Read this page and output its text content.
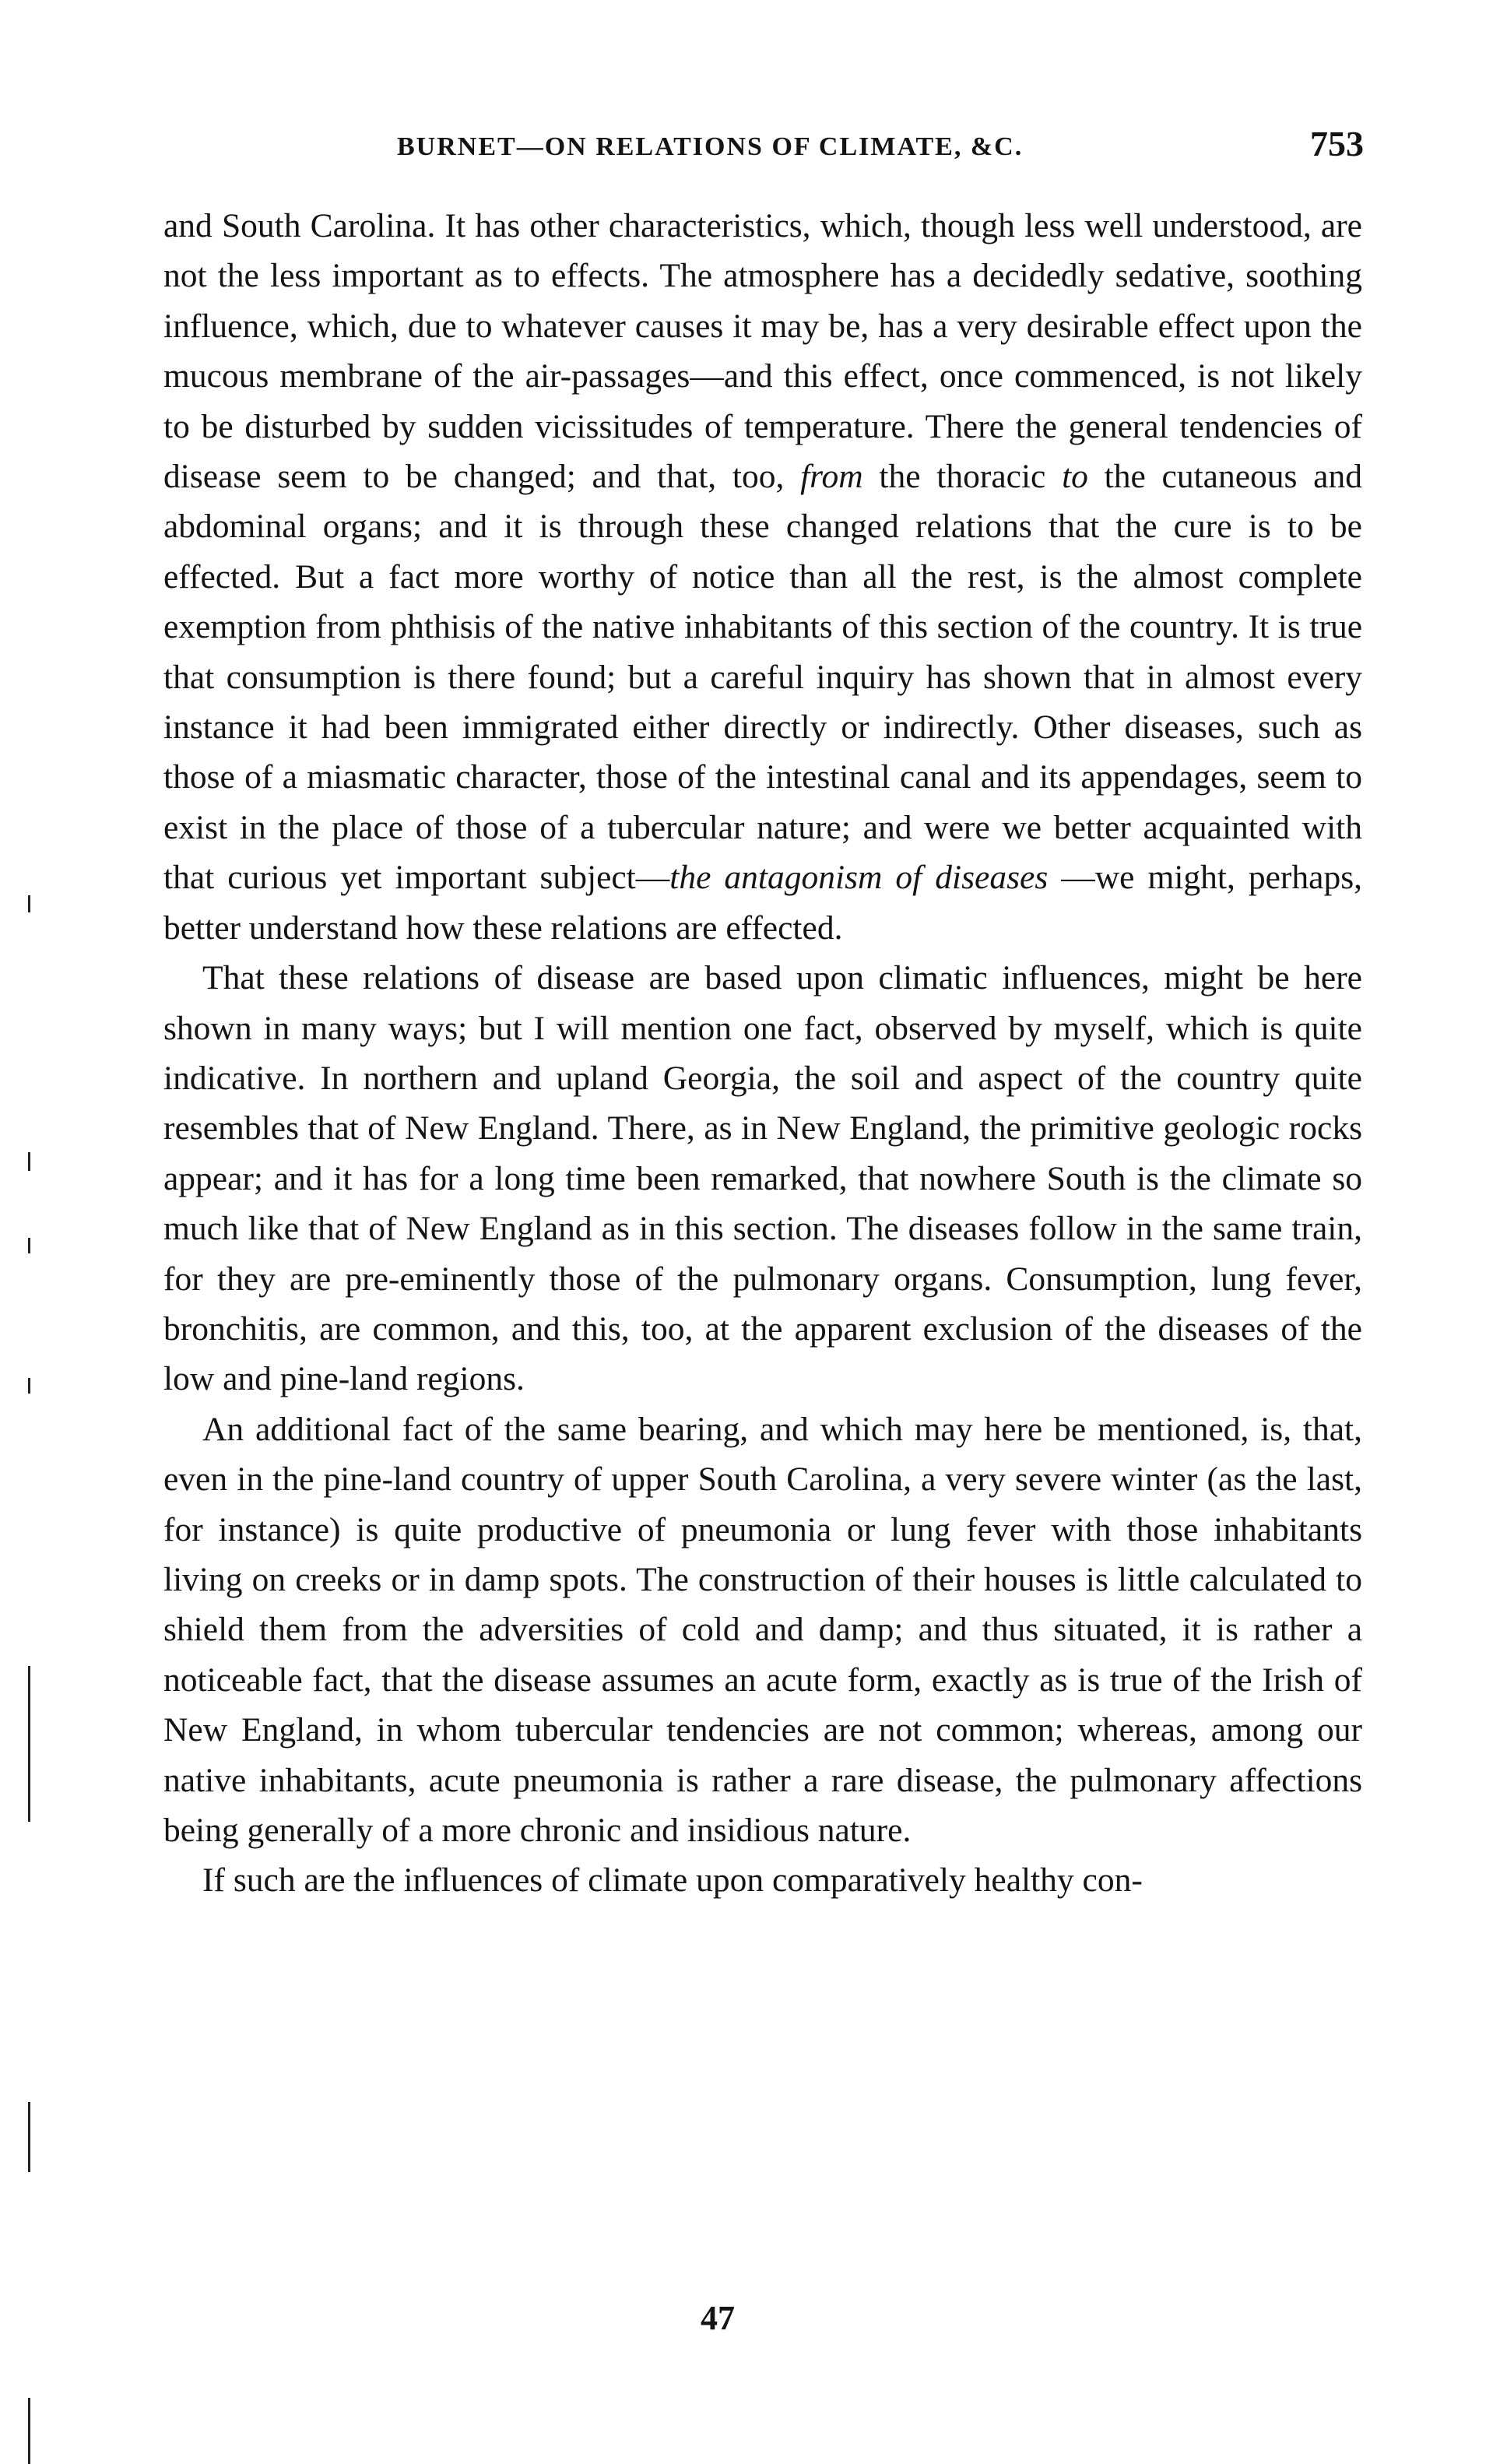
BURNET—ON RELATIONS OF CLIMATE, &C.	753

and South Carolina. It has other characteristics, which, though less well understood, are not the less important as to effects. The atmosphere has a decidedly sedative, soothing influence, which, due to whatever causes it may be, has a very desirable effect upon the mucous membrane of the air-passages—and this effect, once commenced, is not likely to be disturbed by sudden vicissitudes of temperature. There the general tendencies of disease seem to be changed; and that, too, from the thoracic to the cutaneous and abdominal organs; and it is through these changed relations that the cure is to be effected. But a fact more worthy of notice than all the rest, is the almost complete exemption from phthisis of the native inhabitants of this section of the country. It is true that consumption is there found; but a careful inquiry has shown that in almost every instance it had been immigrated either directly or indirectly. Other diseases, such as those of a miasmatic character, those of the intestinal canal and its appendages, seem to exist in the place of those of a tubercular nature; and were we better acquainted with that curious yet important subject—the antagonism of diseases —we might, perhaps, better understand how these relations are effected.

That these relations of disease are based upon climatic influences, might be here shown in many ways; but I will mention one fact, observed by myself, which is quite indicative. In northern and upland Georgia, the soil and aspect of the country quite resembles that of New England. There, as in New England, the primitive geologic rocks appear; and it has for a long time been remarked, that nowhere South is the climate so much like that of New England as in this section. The diseases follow in the same train, for they are pre-eminently those of the pulmonary organs. Consumption, lung fever, bronchitis, are common, and this, too, at the apparent exclusion of the diseases of the low and pine-land regions.

An additional fact of the same bearing, and which may here be mentioned, is, that, even in the pine-land country of upper South Carolina, a very severe winter (as the last, for instance) is quite productive of pneumonia or lung fever with those inhabitants living on creeks or in damp spots. The construction of their houses is little calculated to shield them from the adversities of cold and damp; and thus situated, it is rather a noticeable fact, that the disease assumes an acute form, exactly as is true of the Irish of New England, in whom tubercular tendencies are not common; whereas, among our native inhabitants, acute pneumonia is rather a rare disease, the pulmonary affections being generally of a more chronic and insidious nature.

If such are the influences of climate upon comparatively healthy con-

47
